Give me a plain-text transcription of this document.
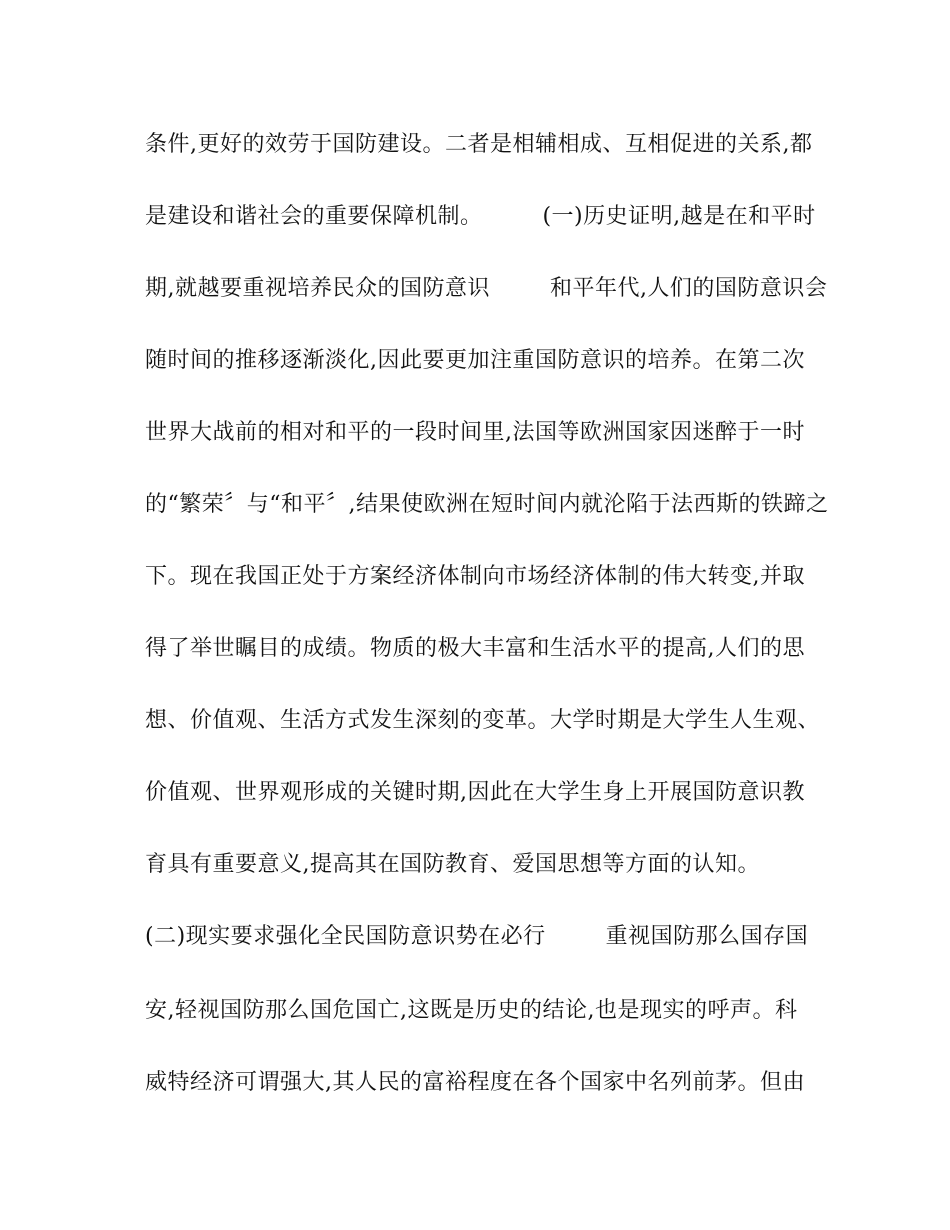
条件,更好的效劳于国防建设。二者是相辅相成、互相促进的关系,都
是建设和谐社会的重要保障机制。        (一)历史证明,越是在和平时
期,就越要重视培养民众的国防意识        和平年代,人们的国防意识会
随时间的推移逐渐淡化,因此要更加注重国防意识的培养。在第二次
世界大战前的相对和平的一段时间里,法国等欧洲国家因迷醉于一时
的“繁荣〞与“和平〞,结果使欧洲在短时间内就沦陷于法西斯的铁蹄之
下。现在我国正处于方案经济体制向市场经济体制的伟大转变,并取
得了举世瞩目的成绩。物质的极大丰富和生活水平的提高,人们的思
想、价值观、生活方式发生深刻的变革。大学时期是大学生人生观、
价值观、世界观形成的关键时期,因此在大学生身上开展国防意识教
育具有重要意义,提高其在国防教育、爱国思想等方面的认知。
(二)现实要求强化全民国防意识势在必行        重视国防那么国存国
安,轻视国防那么国危国亡,这既是历史的结论,也是现实的呼声。科
威特经济可谓强大,其人民的富裕程度在各个国家中名列前茅。但由
